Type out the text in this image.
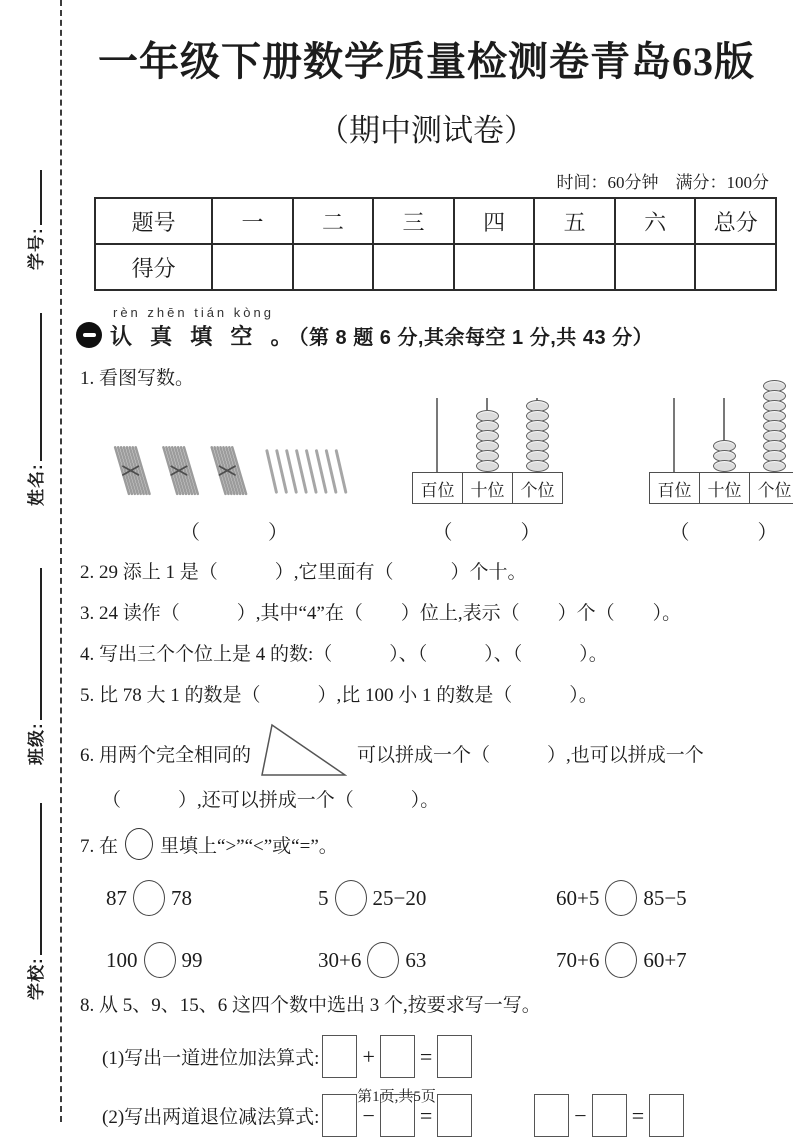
学号:
姓名:
班级:
学校:
一年级下册数学质量检测卷青岛63版
（期中测试卷）
时间：60分钟　满分：100分
题号	一	二	三	四	五	六	总分
得分							
rèn zhēn tián kòng
认 真 填 空 。（第 8 题 6 分,其余每空 1 分,共 43 分）
1. 看图写数。
（　　　）
百位 十位 个位
（　　　）
百位 十位 个位
（　　　）
2. 29 添上 1 是（　　　）,它里面有（　　　）个十。
3. 24 读作（　　　）,其中“4”在（　　）位上,表示（　　）个（　　）。
4. 写出三个个位上是 4 的数:（　　　）、（　　　）、（　　　）。
5. 比 78 大 1 的数是（　　　）,比 100 小 1 的数是（　　　）。
6. 用两个完全相同的	可以拼成一个（　　　）,也可以拼成一个
（　　　）,还可以拼成一个（　　　）。
7. 在 里填上“>”“<”或“=”。
87 78	5 25−20	60+5 85−5
100 99	30+6 63	70+6 60+7
8. 从 5、9、15、6 这四个数中选出 3 个,按要求写一写。
(1)写出一道进位加法算式: + =
(2)写出两道退位减法算式: − =	− =
第1页,共5页
